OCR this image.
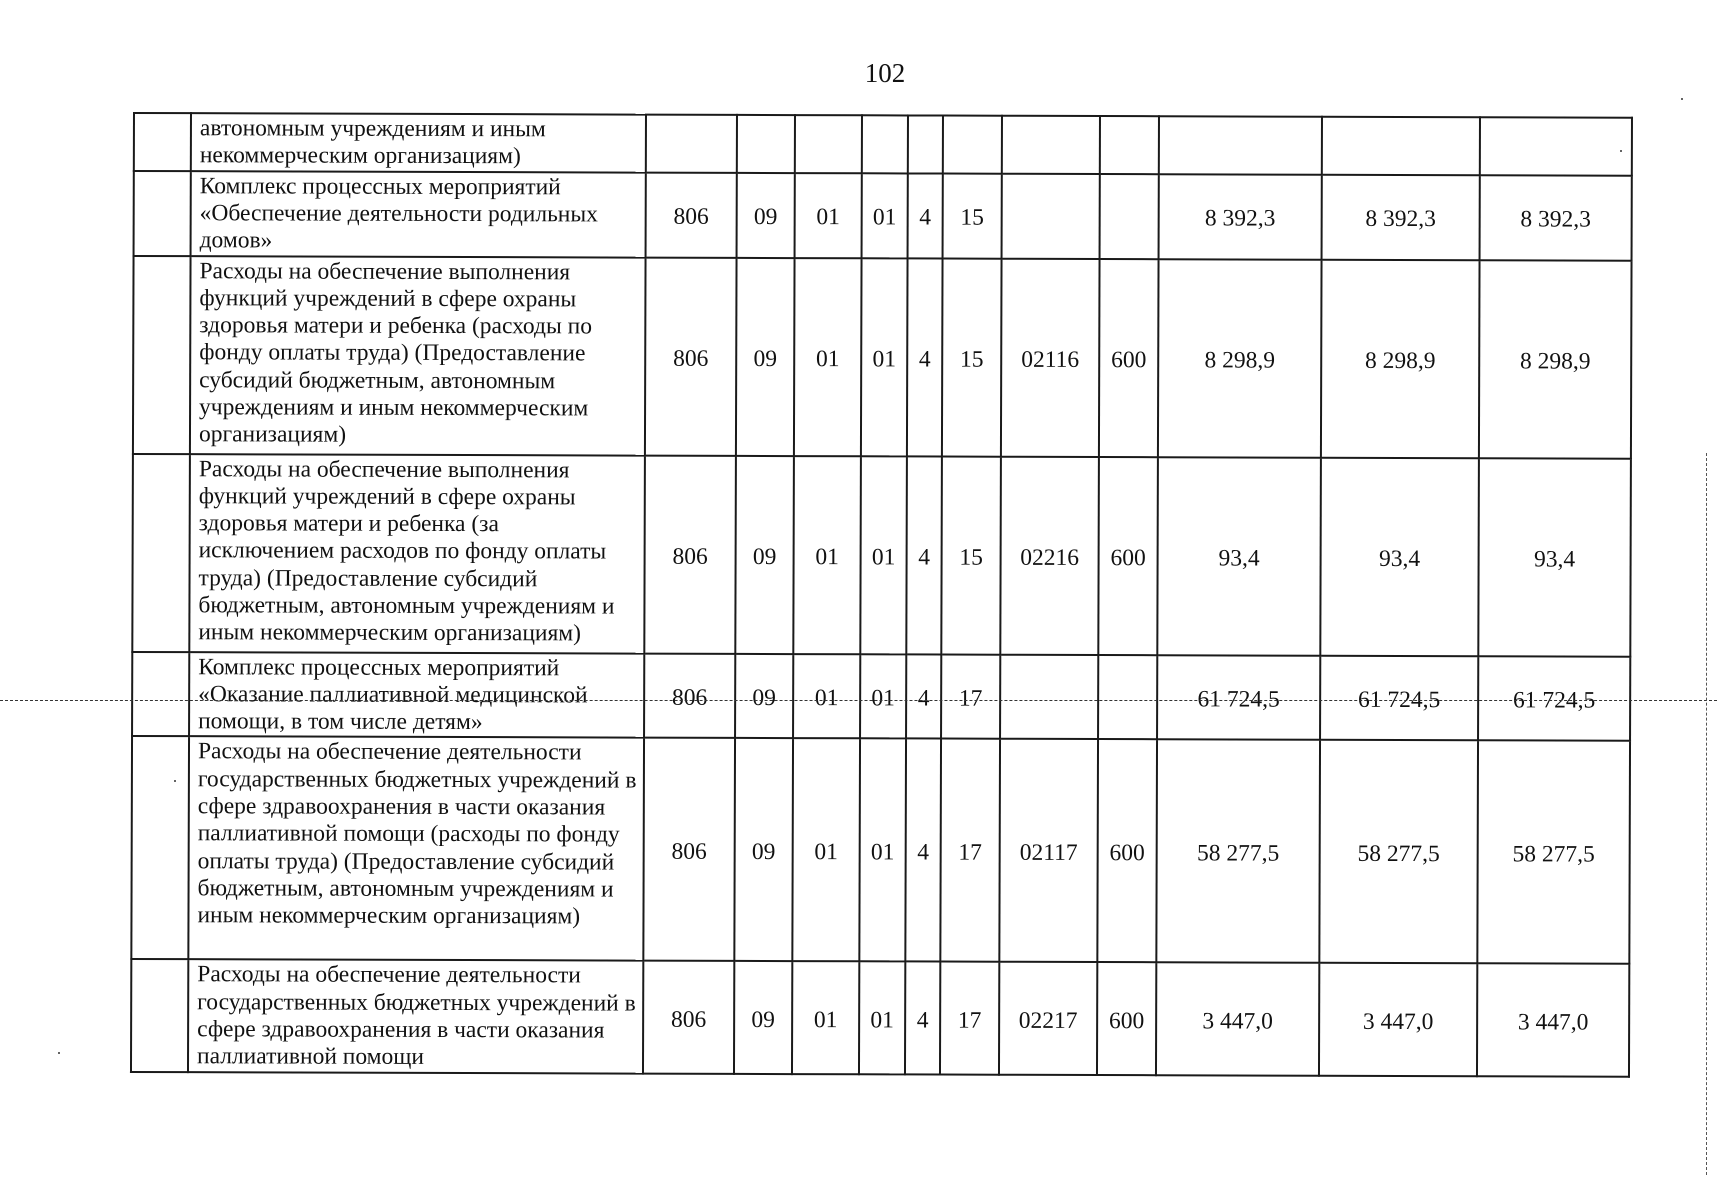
102
	автономным учреждениям и иным некоммерческим организациям)											
	Комплекс процессных мероприятий «Обеспечение деятельности родильных домов»	806	09	01	01	4	15			8 392,3	8 392,3	8 392,3
	Расходы на обеспечение выполнения функций учреждений в сфере охраны здоровья матери и ребенка (расходы по фонду оплаты труда) (Предоставление субсидий бюджетным, автономным учреждениям и иным некоммерческим организациям)	806	09	01	01	4	15	02116	600	8 298,9	8 298,9	8 298,9
	Расходы на обеспечение выполнения функций учреждений в сфере охраны здоровья матери и ребенка (за исключением расходов по фонду оплаты труда) (Предоставление субсидий бюджетным, автономным учреждениям и иным некоммерческим организациям)	806	09	01	01	4	15	02216	600	93,4	93,4	93,4
	Комплекс процессных мероприятий «Оказание паллиативной медицинской помощи, в том числе детям»	806	09	01	01	4	17			61 724,5	61 724,5	61 724,5
	Расходы на обеспечение деятельности государственных бюджетных учреждений в сфере здравоохранения в части оказания паллиативной помощи (расходы по фонду оплаты труда) (Предоставление субсидий бюджетным, автономным учреждениям и иным некоммерческим организациям)	806	09	01	01	4	17	02117	600	58 277,5	58 277,5	58 277,5
	Расходы на обеспечение деятельности государственных бюджетных учреждений в сфере здравоохранения в части оказания паллиативной помощи	806	09	01	01	4	17	02217	600	3 447,0	3 447,0	3 447,0
